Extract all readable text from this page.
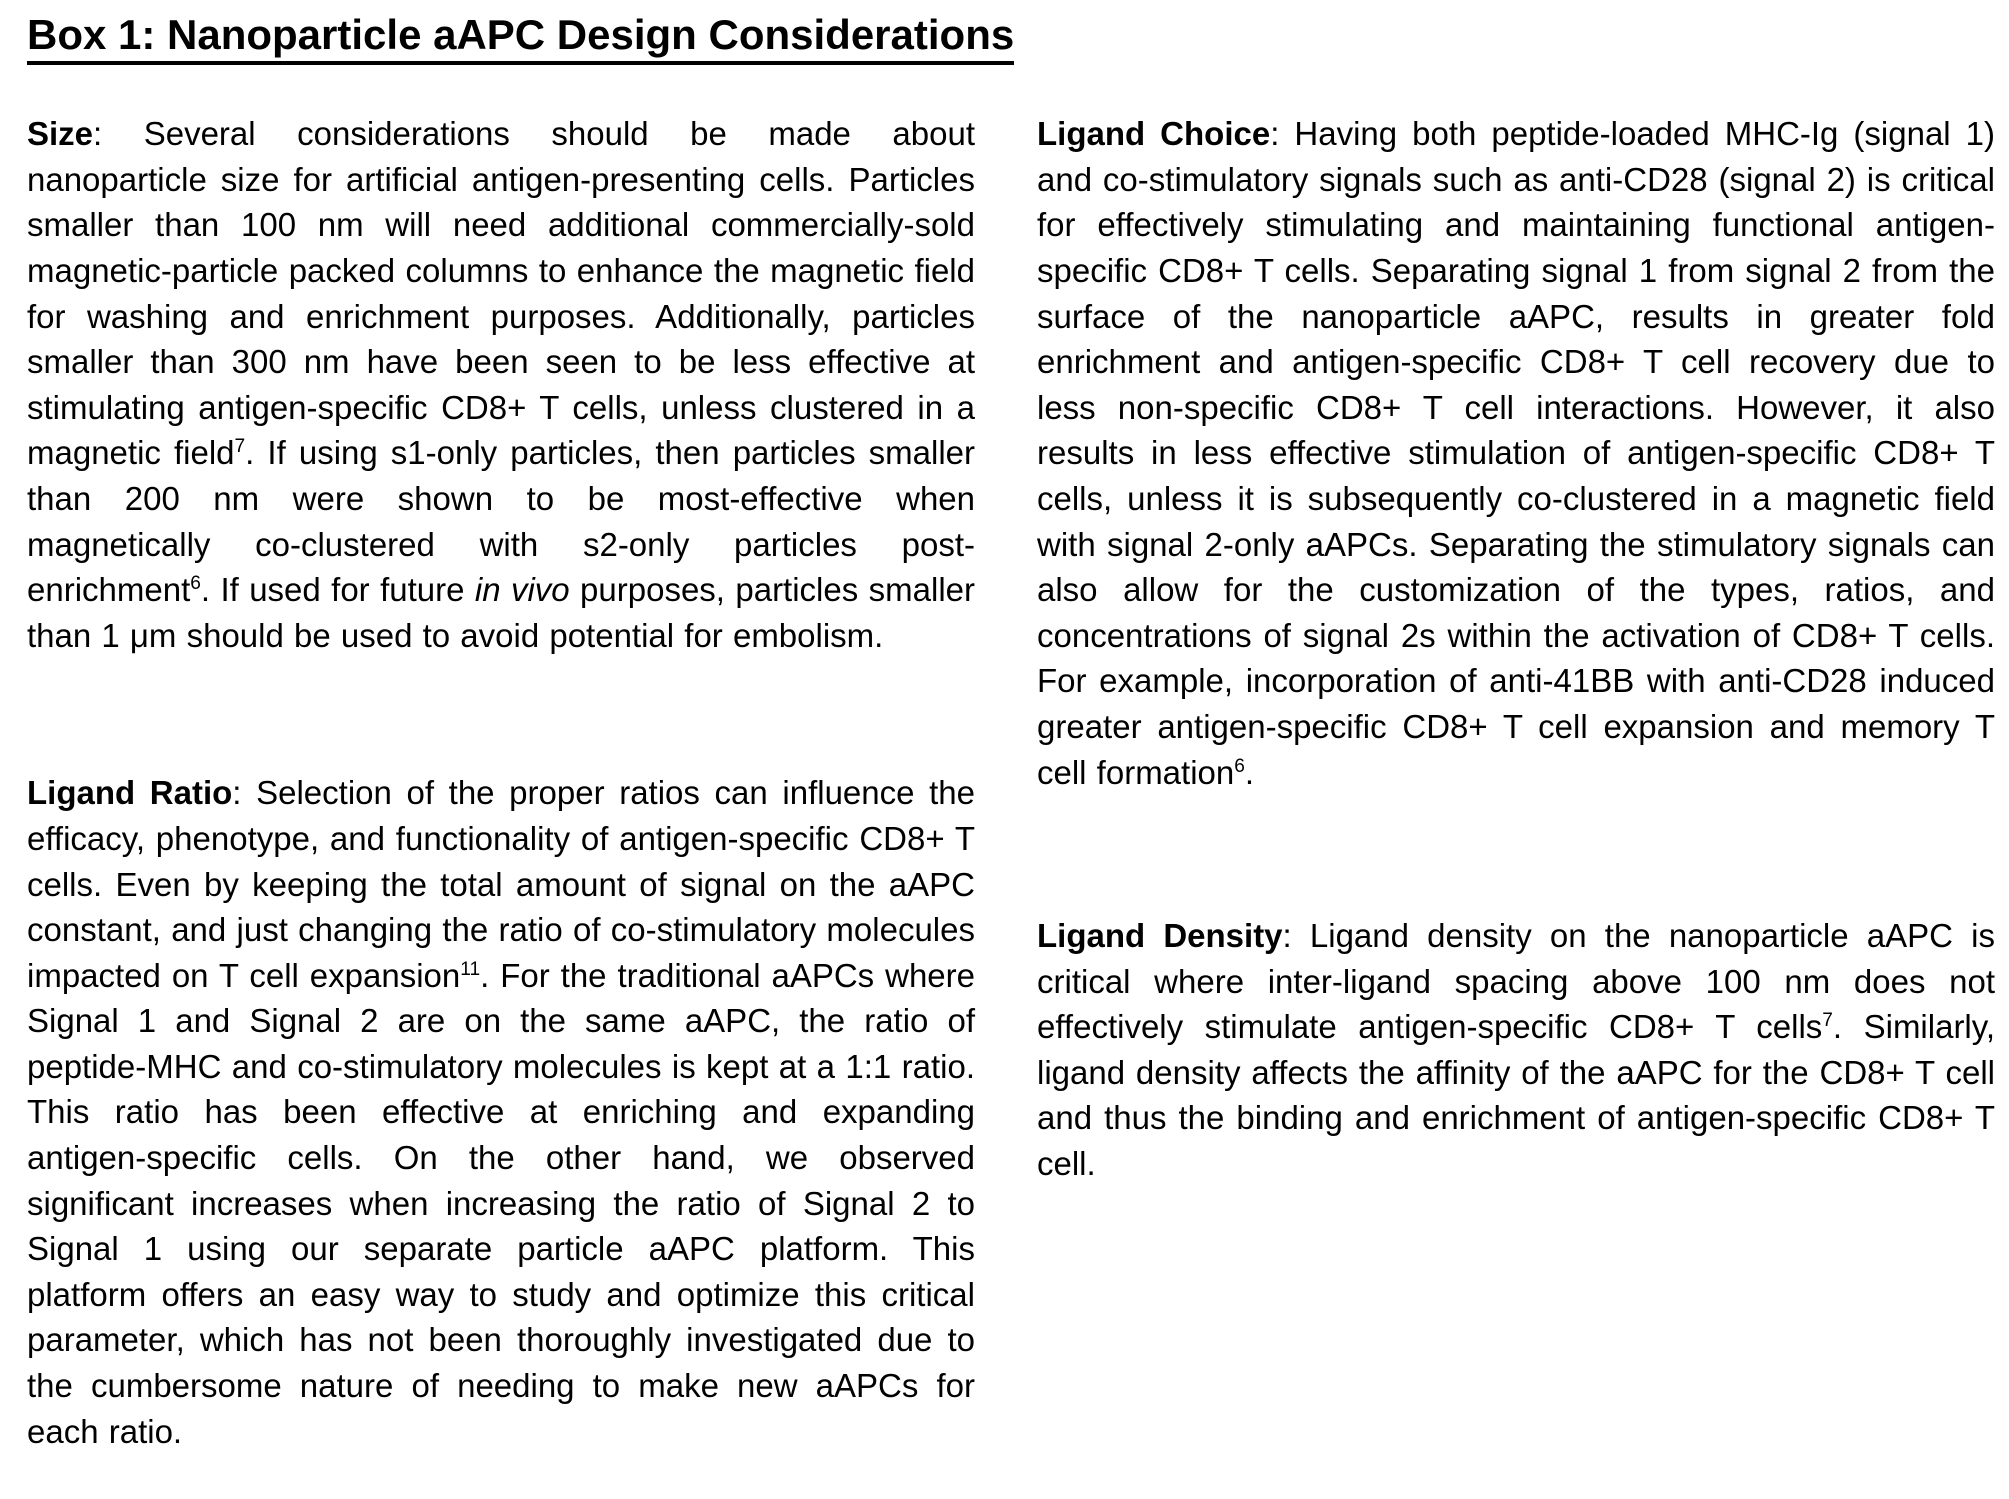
Box 1: Nanoparticle aAPC Design Considerations

Size: Several considerations should be made about nanoparticle size for artificial antigen-presenting cells. Particles smaller than 100 nm will need additional commercially-sold magnetic-particle packed columns to enhance the magnetic field for washing and enrichment purposes. Additionally, particles smaller than 300 nm have been seen to be less effective at stimulating antigen-specific CD8+ T cells, unless clustered in a magnetic field$^7$. If using s1-only particles, then particles smaller than 200 nm were shown to be most-effective when magnetically co-clustered with s2-only particles post-enrichment$^6$. If used for future in vivo purposes, particles smaller than 1 μm should be used to avoid potential for embolism.

Ligand Ratio: Selection of the proper ratios can influence the efficacy, phenotype, and functionality of antigen-specific CD8+ T cells. Even by keeping the total amount of signal on the aAPC constant, and just changing the ratio of co-stimulatory molecules impacted on T cell expansion$^{11}$. For the traditional aAPCs where Signal 1 and Signal 2 are on the same aAPC, the ratio of peptide-MHC and co-stimulatory molecules is kept at a 1:1 ratio. This ratio has been effective at enriching and expanding antigen-specific cells. On the other hand, we observed significant increases when increasing the ratio of Signal 2 to Signal 1 using our separate particle aAPC platform. This platform offers an easy way to study and optimize this critical parameter, which has not been thoroughly investigated due to the cumbersome nature of needing to make new aAPCs for each ratio.

Ligand Choice: Having both peptide-loaded MHC-Ig (signal 1) and co-stimulatory signals such as anti-CD28 (signal 2) is critical for effectively stimulating and maintaining functional antigen-specific CD8+ T cells. Separating signal 1 from signal 2 from the surface of the nanoparticle aAPC, results in greater fold enrichment and antigen-specific CD8+ T cell recovery due to less non-specific CD8+ T cell interactions. However, it also results in less effective stimulation of antigen-specific CD8+ T cells, unless it is subsequently co-clustered in a magnetic field with signal 2-only aAPCs. Separating the stimulatory signals can also allow for the customization of the types, ratios, and concentrations of signal 2s within the activation of CD8+ T cells. For example, incorporation of anti-41BB with anti-CD28 induced greater antigen-specific CD8+ T cell expansion and memory T cell formation$^6$.

Ligand Density: Ligand density on the nanoparticle aAPC is critical where inter-ligand spacing above 100 nm does not effectively stimulate antigen-specific CD8+ T cells$^7$. Similarly, ligand density affects the affinity of the aAPC for the CD8+ T cell and thus the binding and enrichment of antigen-specific CD8+ T cell.
